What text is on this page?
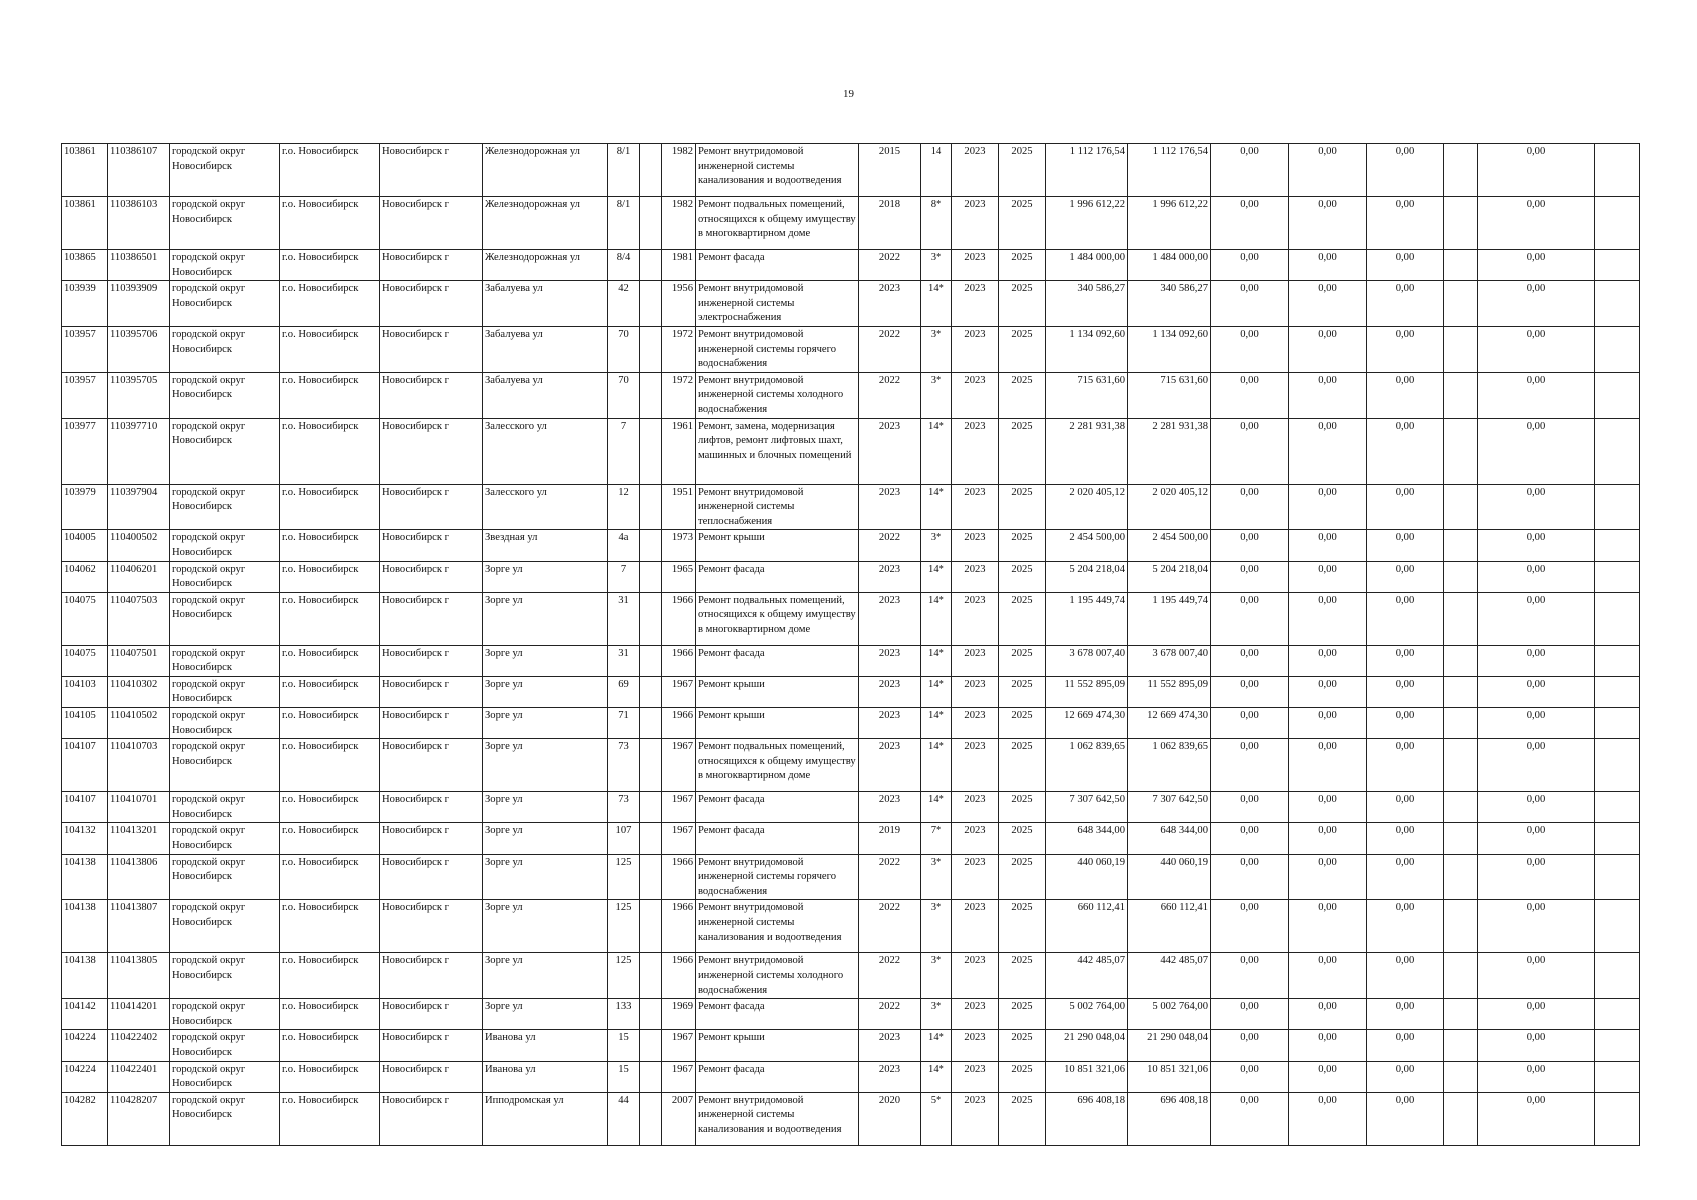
19
103861	110386107	городской округ Новосибирск	г.о. Новосибирск	Новосибирск г	Железнодорожная ул	8/1		1982	Ремонт внутридомовой инженерной системы канализования и водоотведения	2015	14	2023	2025	1 112 176,54	1 112 176,54	0,00	0,00	0,00		0,00	
103861	110386103	городской округ Новосибирск	г.о. Новосибирск	Новосибирск г	Железнодорожная ул	8/1		1982	Ремонт подвальных помещений, относящихся к общему имуществу в многоквартирном доме	2018	8*	2023	2025	1 996 612,22	1 996 612,22	0,00	0,00	0,00		0,00	
103865	110386501	городской округ Новосибирск	г.о. Новосибирск	Новосибирск г	Железнодорожная ул	8/4		1981	Ремонт фасада	2022	3*	2023	2025	1 484 000,00	1 484 000,00	0,00	0,00	0,00		0,00	
103939	110393909	городской округ Новосибирск	г.о. Новосибирск	Новосибирск г	Забалуева ул	42		1956	Ремонт внутридомовой инженерной системы электроснабжения	2023	14*	2023	2025	340 586,27	340 586,27	0,00	0,00	0,00		0,00	
103957	110395706	городской округ Новосибирск	г.о. Новосибирск	Новосибирск г	Забалуева ул	70		1972	Ремонт внутридомовой инженерной системы горячего водоснабжения	2022	3*	2023	2025	1 134 092,60	1 134 092,60	0,00	0,00	0,00		0,00	
103957	110395705	городской округ Новосибирск	г.о. Новосибирск	Новосибирск г	Забалуева ул	70		1972	Ремонт внутридомовой инженерной системы холодного водоснабжения	2022	3*	2023	2025	715 631,60	715 631,60	0,00	0,00	0,00		0,00	
103977	110397710	городской округ Новосибирск	г.о. Новосибирск	Новосибирск г	Залесского ул	7		1961	Ремонт, замена, модернизация лифтов, ремонт лифтовых шахт, машинных и блочных помещений	2023	14*	2023	2025	2 281 931,38	2 281 931,38	0,00	0,00	0,00		0,00	
103979	110397904	городской округ Новосибирск	г.о. Новосибирск	Новосибирск г	Залесского ул	12		1951	Ремонт внутридомовой инженерной системы теплоснабжения	2023	14*	2023	2025	2 020 405,12	2 020 405,12	0,00	0,00	0,00		0,00	
104005	110400502	городской округ Новосибирск	г.о. Новосибирск	Новосибирск г	Звездная ул	4а		1973	Ремонт крыши	2022	3*	2023	2025	2 454 500,00	2 454 500,00	0,00	0,00	0,00		0,00	
104062	110406201	городской округ Новосибирск	г.о. Новосибирск	Новосибирск г	Зорге ул	7		1965	Ремонт фасада	2023	14*	2023	2025	5 204 218,04	5 204 218,04	0,00	0,00	0,00		0,00	
104075	110407503	городской округ Новосибирск	г.о. Новосибирск	Новосибирск г	Зорге ул	31		1966	Ремонт подвальных помещений, относящихся к общему имуществу в многоквартирном доме	2023	14*	2023	2025	1 195 449,74	1 195 449,74	0,00	0,00	0,00		0,00	
104075	110407501	городской округ Новосибирск	г.о. Новосибирск	Новосибирск г	Зорге ул	31		1966	Ремонт фасада	2023	14*	2023	2025	3 678 007,40	3 678 007,40	0,00	0,00	0,00		0,00	
104103	110410302	городской округ Новосибирск	г.о. Новосибирск	Новосибирск г	Зорге ул	69		1967	Ремонт крыши	2023	14*	2023	2025	11 552 895,09	11 552 895,09	0,00	0,00	0,00		0,00	
104105	110410502	городской округ Новосибирск	г.о. Новосибирск	Новосибирск г	Зорге ул	71		1966	Ремонт крыши	2023	14*	2023	2025	12 669 474,30	12 669 474,30	0,00	0,00	0,00		0,00	
104107	110410703	городской округ Новосибирск	г.о. Новосибирск	Новосибирск г	Зорге ул	73		1967	Ремонт подвальных помещений, относящихся к общему имуществу в многоквартирном доме	2023	14*	2023	2025	1 062 839,65	1 062 839,65	0,00	0,00	0,00		0,00	
104107	110410701	городской округ Новосибирск	г.о. Новосибирск	Новосибирск г	Зорге ул	73		1967	Ремонт фасада	2023	14*	2023	2025	7 307 642,50	7 307 642,50	0,00	0,00	0,00		0,00	
104132	110413201	городской округ Новосибирск	г.о. Новосибирск	Новосибирск г	Зорге ул	107		1967	Ремонт фасада	2019	7*	2023	2025	648 344,00	648 344,00	0,00	0,00	0,00		0,00	
104138	110413806	городской округ Новосибирск	г.о. Новосибирск	Новосибирск г	Зорге ул	125		1966	Ремонт внутридомовой инженерной системы горячего водоснабжения	2022	3*	2023	2025	440 060,19	440 060,19	0,00	0,00	0,00		0,00	
104138	110413807	городской округ Новосибирск	г.о. Новосибирск	Новосибирск г	Зорге ул	125		1966	Ремонт внутридомовой инженерной системы канализования и водоотведения	2022	3*	2023	2025	660 112,41	660 112,41	0,00	0,00	0,00		0,00	
104138	110413805	городской округ Новосибирск	г.о. Новосибирск	Новосибирск г	Зорге ул	125		1966	Ремонт внутридомовой инженерной системы холодного водоснабжения	2022	3*	2023	2025	442 485,07	442 485,07	0,00	0,00	0,00		0,00	
104142	110414201	городской округ Новосибирск	г.о. Новосибирск	Новосибирск г	Зорге ул	133		1969	Ремонт фасада	2022	3*	2023	2025	5 002 764,00	5 002 764,00	0,00	0,00	0,00		0,00	
104224	110422402	городской округ Новосибирск	г.о. Новосибирск	Новосибирск г	Иванова ул	15		1967	Ремонт крыши	2023	14*	2023	2025	21 290 048,04	21 290 048,04	0,00	0,00	0,00		0,00	
104224	110422401	городской округ Новосибирск	г.о. Новосибирск	Новосибирск г	Иванова ул	15		1967	Ремонт фасада	2023	14*	2023	2025	10 851 321,06	10 851 321,06	0,00	0,00	0,00		0,00	
104282	110428207	городской округ Новосибирск	г.о. Новосибирск	Новосибирск г	Ипподромская ул	44		2007	Ремонт внутридомовой инженерной системы канализования и водоотведения	2020	5*	2023	2025	696 408,18	696 408,18	0,00	0,00	0,00		0,00	
